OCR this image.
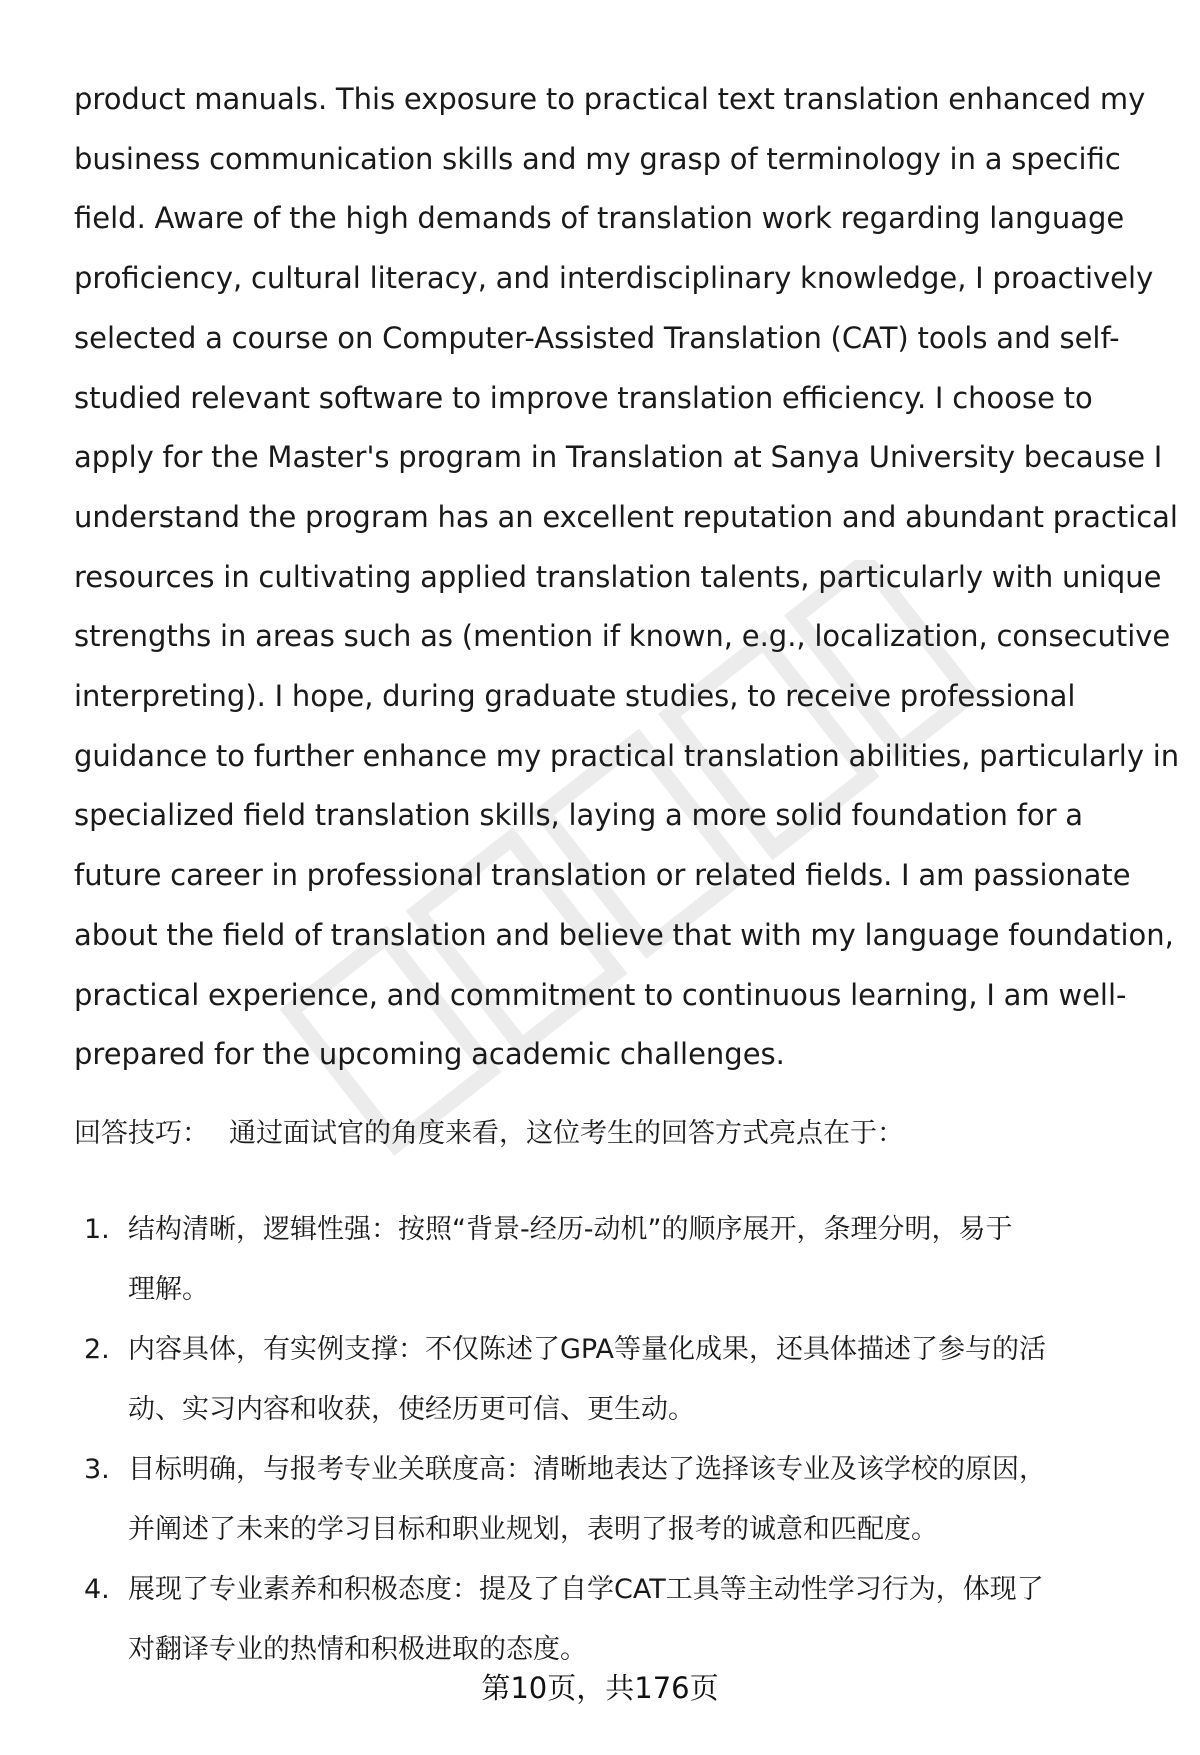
product manuals. This exposure to practical text translation enhanced my
business communication skills and my grasp of terminology in a specific
field. Aware of the high demands of translation work regarding language
proficiency, cultural literacy, and interdisciplinary knowledge, I proactively
selected a course on Computer-Assisted Translation (CAT) tools and self-
studied relevant software to improve translation efficiency. I choose to
apply for the Master's program in Translation at Sanya University because I
understand the program has an excellent reputation and abundant practical
resources in cultivating applied translation talents, particularly with unique
strengths in areas such as (mention if known, e.g., localization, consecutive
interpreting). I hope, during graduate studies, to receive professional
guidance to further enhance my practical translation abilities, particularly in
specialized field translation skills, laying a more solid foundation for a
future career in professional translation or related fields. I am passionate
about the field of translation and believe that with my language foundation,
practical experience, and commitment to continuous learning, I am well-
prepared for the upcoming academic challenges.
回答技巧： 通过面试官的角度来看，这位考生的回答方式亮点在于：
1. 结构清晰，逻辑性强：按照“背景-经历-动机”的顺序展开，条理分明，易于
理解。
2. 内容具体，有实例支撑：不仅陈述了GPA等量化成果，还具体描述了参与的活
动、实习内容和收获，使经历更可信、更生动。
3. 目标明确，与报考专业关联度高：清晰地表达了选择该专业及该学校的原因，
并阐述了未来的学习目标和职业规划，表明了报考的诚意和匹配度。
4. 展现了专业素养和积极态度：提及了自学CAT工具等主动性学习行为，体现了
对翻译专业的热情和积极进取的态度。
第10页，共176页
